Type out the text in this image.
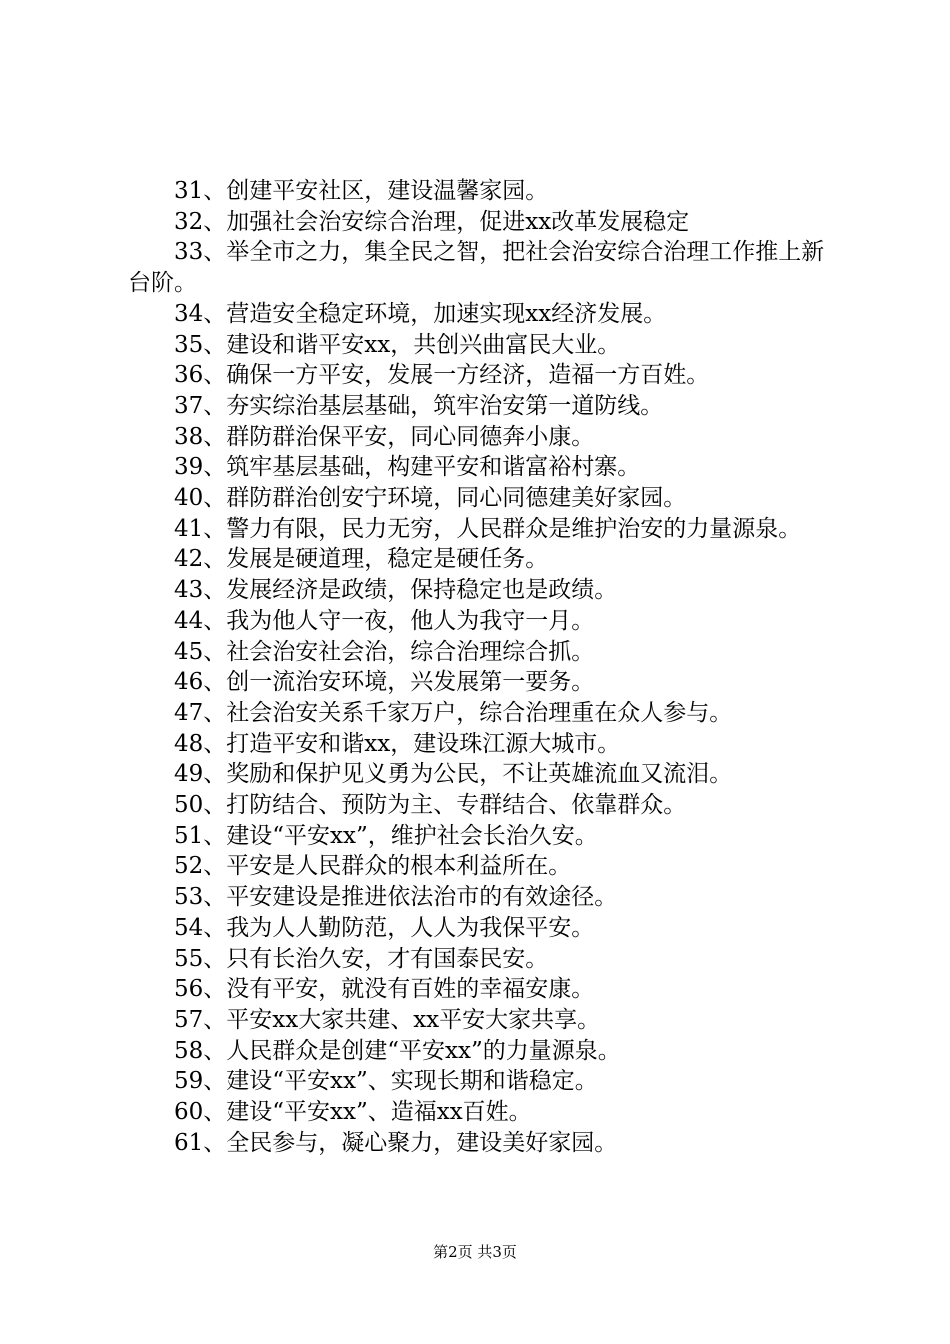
31、创建平安社区，建设温馨家园。

32、加强社会治安综合治理，促进xx改革发展稳定

33、举全市之力，集全民之智，把社会治安综合治理工作推上新台阶。

34、营造安全稳定环境，加速实现xx经济发展。

35、建设和谐平安xx，共创兴曲富民大业。

36、确保一方平安，发展一方经济，造福一方百姓。

37、夯实综治基层基础，筑牢治安第一道防线。

38、群防群治保平安，同心同德奔小康。

39、筑牢基层基础，构建平安和谐富裕村寨。

40、群防群治创安宁环境，同心同德建美好家园。

41、警力有限，民力无穷，人民群众是维护治安的力量源泉。

42、发展是硬道理，稳定是硬任务。

43、发展经济是政绩，保持稳定也是政绩。

44、我为他人守一夜，他人为我守一月。

45、社会治安社会治，综合治理综合抓。

46、创一流治安环境，兴发展第一要务。

47、社会治安关系千家万户，综合治理重在众人参与。

48、打造平安和谐xx，建设珠江源大城市。

49、奖励和保护见义勇为公民，不让英雄流血又流泪。

50、打防结合、预防为主、专群结合、依靠群众。

51、建设“平安xx”，维护社会长治久安。

52、平安是人民群众的根本利益所在。

53、平安建设是推进依法治市的有效途径。

54、我为人人勤防范，人人为我保平安。

55、只有长治久安，才有国泰民安。

56、没有平安，就没有百姓的幸福安康。

57、平安xx大家共建、xx平安大家共享。

58、人民群众是创建“平安xx”的力量源泉。

59、建设“平安xx”、实现长期和谐稳定。

60、建设“平安xx”、造福xx百姓。

61、全民参与，凝心聚力，建设美好家园。

第2页 共3页
